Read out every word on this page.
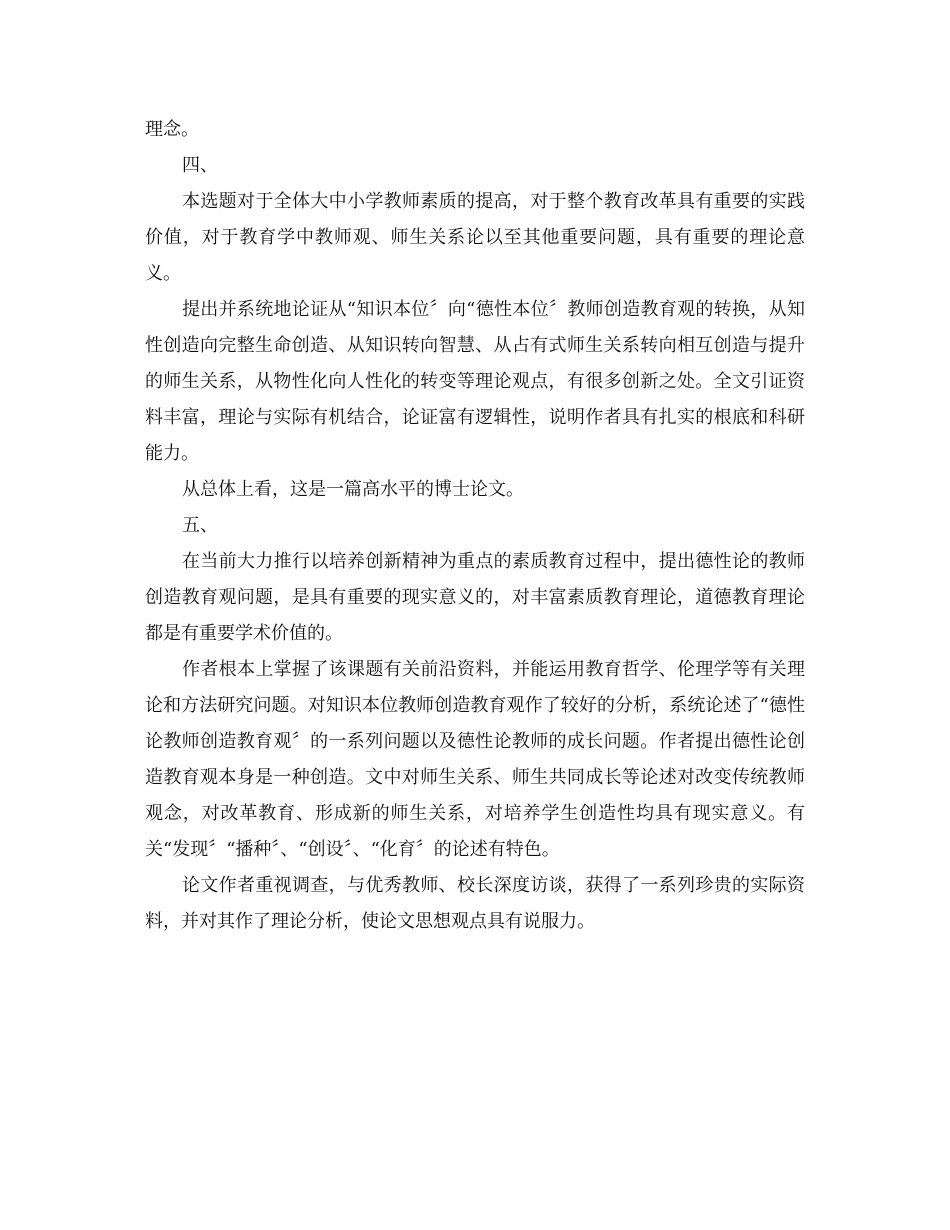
理念。

四、

本选题对于全体大中小学教师素质的提高，对于整个教育改革具有重要的实践价值，对于教育学中教师观、师生关系论以至其他重要问题，具有重要的理论意义。

提出并系统地论证从“知识本位〞向“德性本位〞教师创造教育观的转换，从知性创造向完整生命创造、从知识转向智慧、从占有式师生关系转向相互创造与提升的师生关系，从物性化向人性化的转变等理论观点，有很多创新之处。全文引证资料丰富，理论与实际有机结合，论证富有逻辑性，说明作者具有扎实的根底和科研能力。

从总体上看，这是一篇高水平的博士论文。

五、

在当前大力推行以培养创新精神为重点的素质教育过程中，提出德性论的教师创造教育观问题，是具有重要的现实意义的，对丰富素质教育理论，道德教育理论都是有重要学术价值的。

作者根本上掌握了该课题有关前沿资料，并能运用教育哲学、伦理学等有关理论和方法研究问题。对知识本位教师创造教育观作了较好的分析，系统论述了“德性论教师创造教育观〞的一系列问题以及德性论教师的成长问题。作者提出德性论创造教育观本身是一种创造。文中对师生关系、师生共同成长等论述对改变传统教师观念，对改革教育、形成新的师生关系，对培养学生创造性均具有现实意义。有关“发现〞“播种〞、“创设〞、“化育〞的论述有特色。

论文作者重视调查，与优秀教师、校长深度访谈，获得了一系列珍贵的实际资料，并对其作了理论分析，使论文思想观点具有说服力。
